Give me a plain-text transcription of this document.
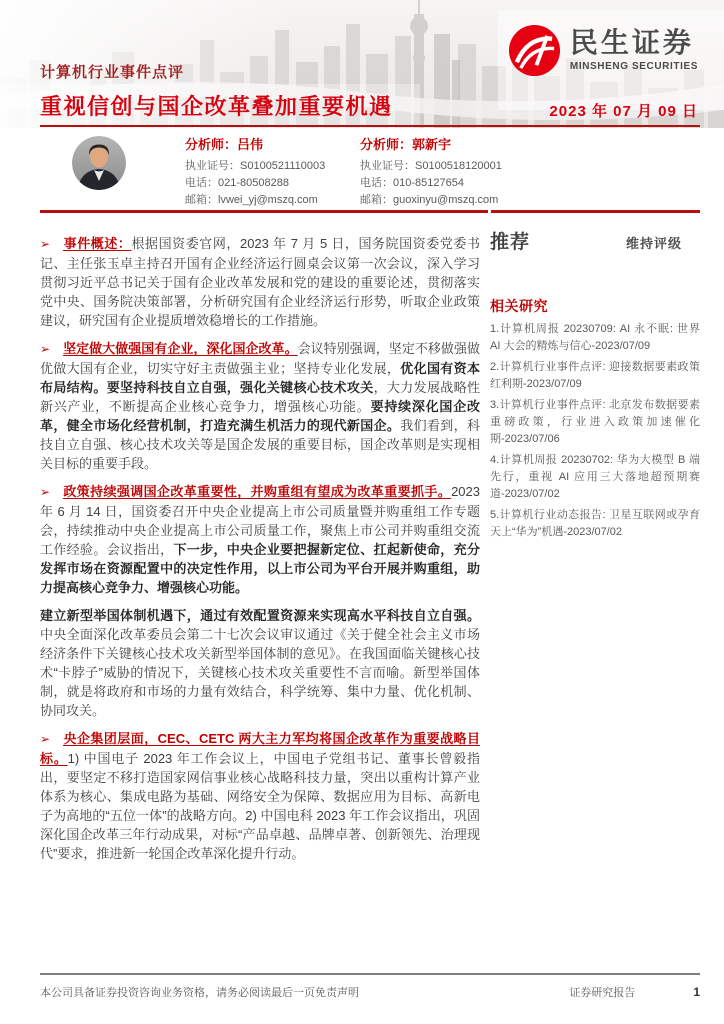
民生证券
MINSHENG SECURITIES
计算机行业事件点评
重视信创与国企改革叠加重要机遇	2023 年 07 月 09 日
分析师：吕伟
执业证号：S0100521110003
电话：021-80508288
邮箱：lvwei_yj@mszq.com
分析师：郭新宇
执业证号：S0100518120001
电话：010-85127654
邮箱：guoxinyu@mszq.com

➢ 事件概述：根据国资委官网，2023 年 7 月 5 日，国务院国资委党委书记、主任张玉卓主持召开国有企业经济运行圆桌会议第一次会议，深入学习贯彻习近平总书记关于国有企业改革发展和党的建设的重要论述，贯彻落实党中央、国务院决策部署，分析研究国有企业经济运行形势，听取企业政策建议，研究国有企业提质增效稳增长的工作措施。

➢ 坚定做大做强国有企业，深化国企改革。会议特别强调，坚定不移做强做优做大国有企业，切实守好主责做强主业；坚持专业化发展，优化国有资本布局结构。要坚持科技自立自强，强化关键核心技术攻关，大力发展战略性新兴产业，不断提高企业核心竞争力，增强核心功能。要持续深化国企改革，健全市场化经营机制，打造充满生机活力的现代新国企。我们看到，科技自立自强、核心技术攻关等是国企发展的重要目标，国企改革则是实现相关目标的重要手段。

➢ 政策持续强调国企改革重要性，并购重组有望成为改革重要抓手。2023 年 6 月 14 日，国资委召开中央企业提高上市公司质量暨并购重组工作专题会，持续推动中央企业提高上市公司质量工作，聚焦上市公司并购重组交流工作经验。会议指出，下一步，中央企业要把握新定位、扛起新使命，充分发挥市场在资源配置中的决定性作用，以上市公司为平台开展并购重组，助力提高核心竞争力、增强核心功能。

建立新型举国体制机遇下，通过有效配置资源来实现高水平科技自立自强。中央全面深化改革委员会第二十七次会议审议通过《关于健全社会主义市场经济条件下关键核心技术攻关新型举国体制的意见》。在我国面临关键核心技术“卡脖子”威胁的情况下，关键核心技术攻关重要性不言而喻。新型举国体制，就是将政府和市场的力量有效结合，科学统筹、集中力量、优化机制、协同攻关。

➢ 央企集团层面，CEC、CETC 两大主力军均将国企改革作为重要战略目标。1) 中国电子 2023 年工作会议上，中国电子党组书记、董事长曾毅指出，要坚定不移打造国家网信事业核心战略科技力量，突出以重构计算产业体系为核心、集成电路为基础、网络安全为保障、数据应用为目标、高新电子为高地的“五位一体”的战略方向。2) 中国电科 2023 年工作会议指出，巩固深化国企改革三年行动成果，对标“产品卓越、品牌卓著、创新领先、治理现代”要求，推进新一轮国企改革深化提升行动。

推荐	维持评级
相关研究
1.计算机周报 20230709: AI 永不眠: 世界 AI 大会的精炼与信心-2023/07/09
2.计算机行业事件点评: 迎接数据要素政策红利期-2023/07/09
3.计算机行业事件点评: 北京发布数据要素重磅政策，行业进入政策加速催化期-2023/07/06
4.计算机周报 20230702: 华为大模型 B 端先行，重视 AI 应用三大落地超预期赛道-2023/07/02
5.计算机行业动态报告: 卫星互联网或孕育天上“华为”机遇-2023/07/02
本公司具备证券投资咨询业务资格，请务必阅读最后一页免责声明	证券研究报告	1
